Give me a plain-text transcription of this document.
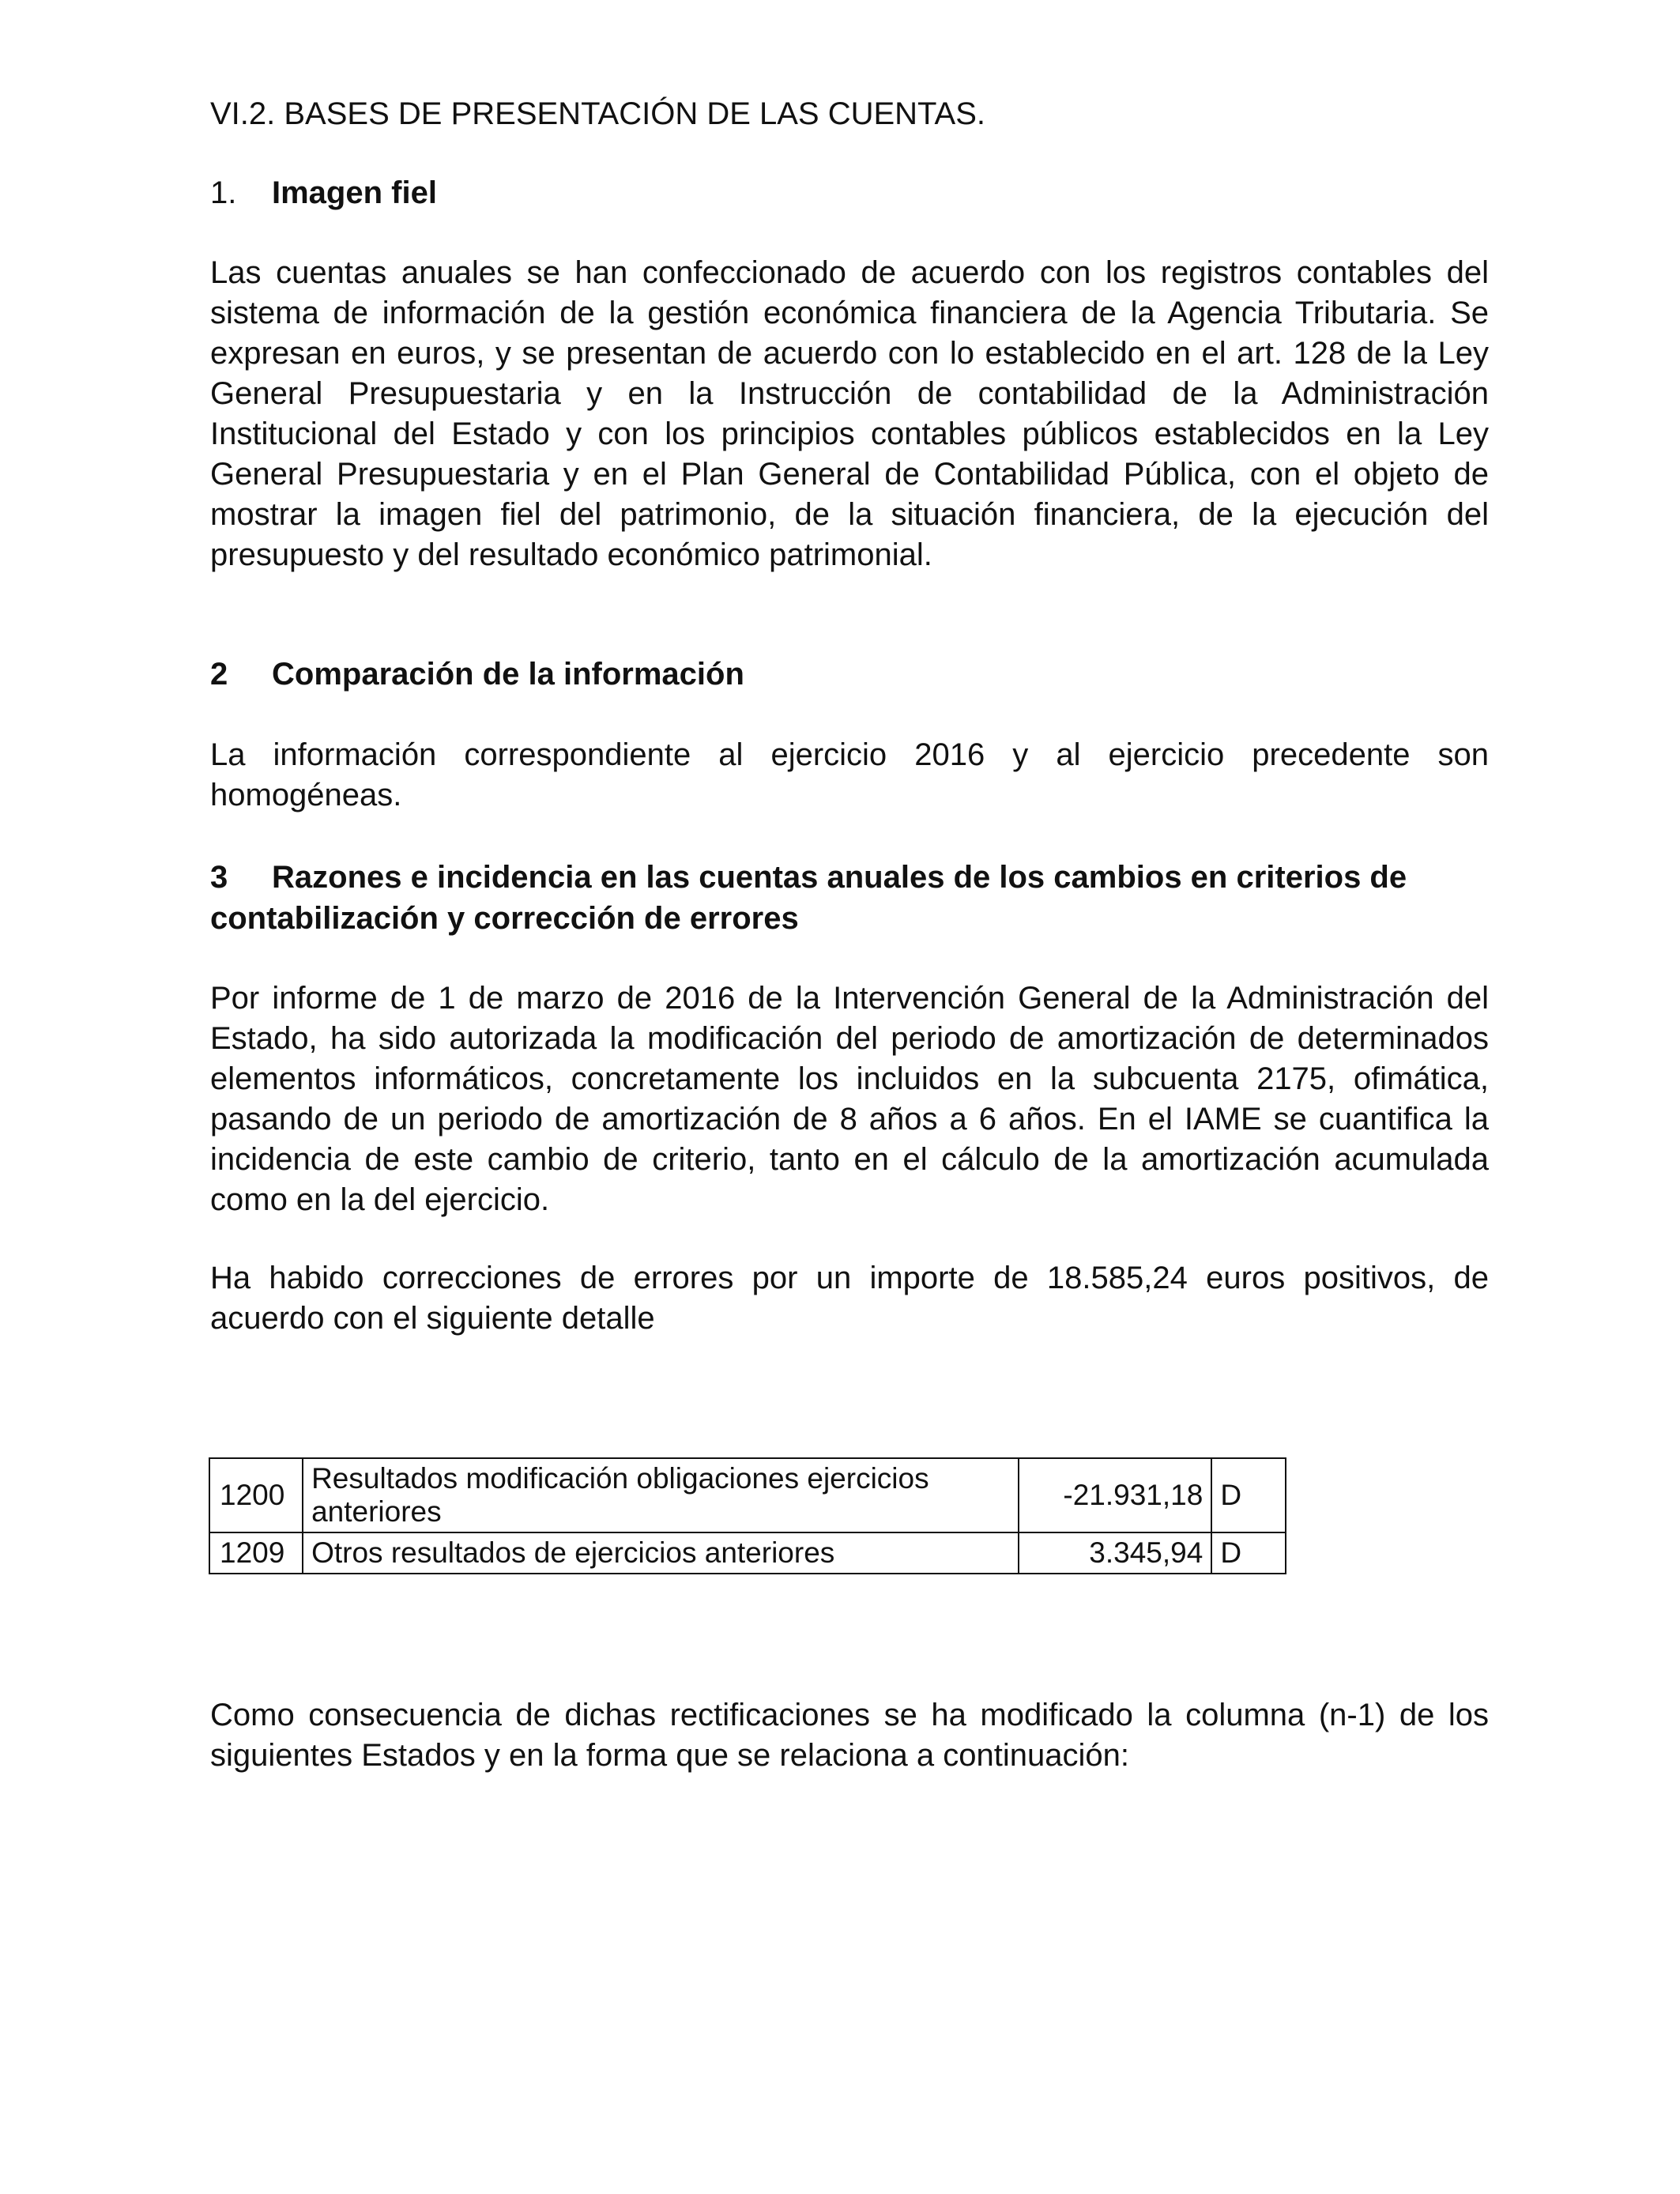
VI.2. BASES DE PRESENTACIÓN DE LAS CUENTAS.
1. Imagen fiel

Las cuentas anuales se han confeccionado de acuerdo con los registros contables del sistema de información de la gestión económica financiera de la Agencia Tributaria. Se expresan en euros, y se presentan de acuerdo con lo establecido en el art. 128 de la Ley General Presupuestaria y en la Instrucción de contabilidad de la Administración Institucional del Estado y con los principios contables públicos establecidos en la Ley General Presupuestaria y en el Plan General de Contabilidad Pública, con el objeto de mostrar la imagen fiel del patrimonio, de la situación financiera, de la ejecución del presupuesto y del resultado económico patrimonial.

2 Comparación de la información

La información correspondiente al ejercicio 2016 y al ejercicio precedente son homogéneas.

3 Razones e incidencia en las cuentas anuales de los cambios en criterios de contabilización y corrección de errores

Por informe de 1 de marzo de 2016 de la Intervención General de la Administración del Estado, ha sido autorizada la modificación del periodo de amortización de determinados elementos informáticos, concretamente los incluidos en la subcuenta 2175, ofimática, pasando de un periodo de amortización de 8 años a 6 años. En el IAME se cuantifica la incidencia de este cambio de criterio, tanto en el cálculo de la amortización acumulada como en la del ejercicio.

Ha habido correcciones de errores por un importe de 18.585,24 euros positivos, de acuerdo con el siguiente detalle

1200	Resultados modificación obligaciones ejercicios anteriores	-21.931,18	D
1209	Otros resultados de ejercicios anteriores	3.345,94	D

Como consecuencia de dichas rectificaciones se ha modificado la columna (n-1) de los siguientes Estados y en la forma que se relaciona a continuación:
